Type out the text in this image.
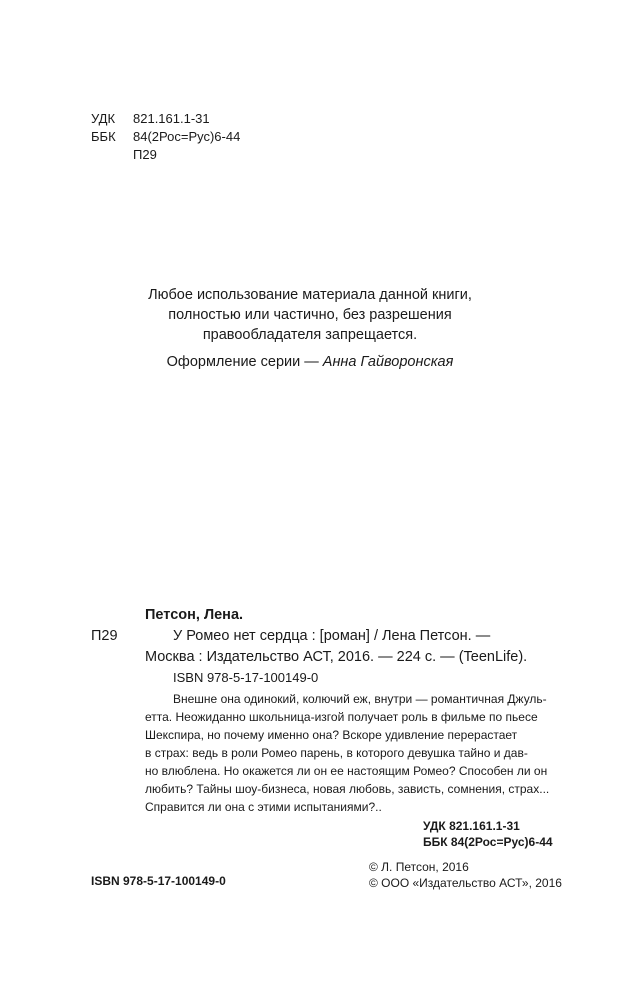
УДК 821.161.1-31
ББК 84(2Рос=Рус)6-44
П29
Любое использование материала данной книги,
полностью или частично, без разрешения
правообладателя запрещается.
Оформление серии — Анна Гайворонская
Петсон, Лена.
П29	У Ромео нет сердца : [роман] / Лена Петсон. —
Москва : Издательство АСТ, 2016. — 224 с. — (TeenLife).
ISBN 978-5-17-100149-0
Внешне она одинокий, колючий еж, внутри — романтичная Джуль-
етта. Неожиданно школьница-изгой получает роль в фильме по пьесе
Шекспира, но почему именно она? Вскоре удивление перерастает
в страх: ведь в роли Ромео парень, в которого девушка тайно и дав-
но влюблена. Но окажется ли он ее настоящим Ромео? Способен ли он
любить? Тайны шоу-бизнеса, новая любовь, зависть, сомнения, страх...
Справится ли она с этими испытаниями?..
УДК 821.161.1-31
ББК 84(2Рос=Рус)6-44
ISBN 978-5-17-100149-0
© Л. Петсон, 2016
© ООО «Издательство АСТ», 2016
